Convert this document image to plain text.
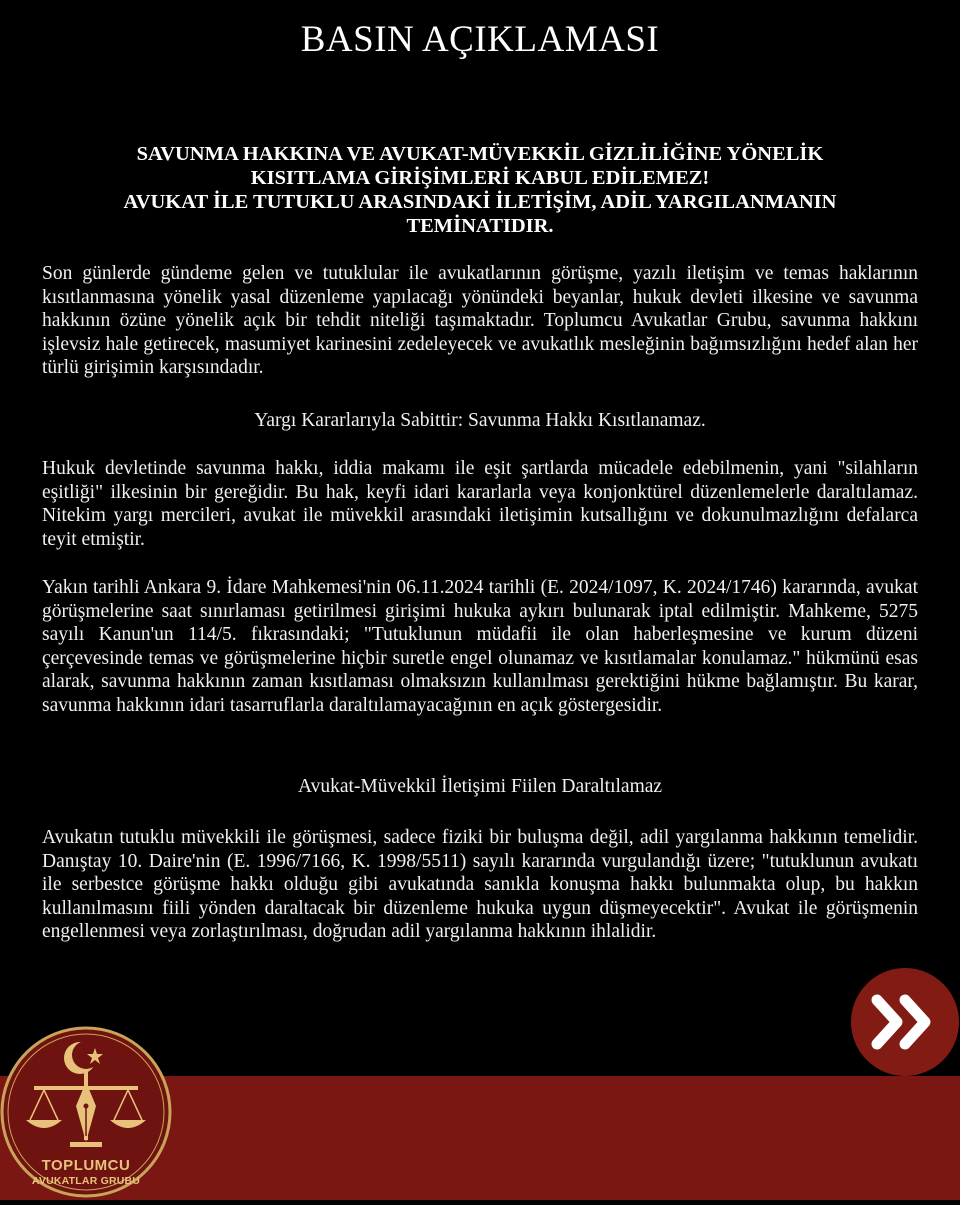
BASIN AÇIKLAMASI
SAVUNMA HAKKINA VE AVUKAT-MÜVEKKİL GİZLİLİĞİNE YÖNELİK
KISITLAMA GİRİŞİMLERİ KABUL EDİLEMEZ!
AVUKAT İLE TUTUKLU ARASINDAKİ İLETİŞİM, ADİL YARGILANMANIN
TEMİNATIDIR.

Son günlerde gündeme gelen ve tutuklular ile avukatlarının görüşme, yazılı iletişim ve temas haklarının kısıtlanmasına yönelik yasal düzenleme yapılacağı yönündeki beyanlar, hukuk devleti ilkesine ve savunma hakkının özüne yönelik açık bir tehdit niteliği taşımaktadır. Toplumcu Avukatlar Grubu, savunma hakkını işlevsiz hale getirecek, masumiyet karinesini zedeleyecek ve avukatlık mesleğinin bağımsızlığını hedef alan her türlü girişimin karşısındadır.

Yargı Kararlarıyla Sabittir: Savunma Hakkı Kısıtlanamaz.

Hukuk devletinde savunma hakkı, iddia makamı ile eşit şartlarda mücadele edebilmenin, yani "silahların eşitliği" ilkesinin bir gereğidir. Bu hak, keyfi idari kararlarla veya konjonktürel düzenlemelerle daraltılamaz. Nitekim yargı mercileri, avukat ile müvekkil arasındaki iletişimin kutsallığını ve dokunulmazlığını defalarca teyit etmiştir.

Yakın tarihli Ankara 9. İdare Mahkemesi'nin 06.11.2024 tarihli (E. 2024/1097, K. 2024/1746) kararında, avukat görüşmelerine saat sınırlaması getirilmesi girişimi hukuka aykırı bulunarak iptal edilmiştir. Mahkeme, 5275 sayılı Kanun'un 114/5. fıkrasındaki; "Tutuklunun müdafii ile olan haberleşmesine ve kurum düzeni çerçevesinde temas ve görüşmelerine hiçbir suretle engel olunamaz ve kısıtlamalar konulamaz." hükmünü esas alarak, savunma hakkının zaman kısıtlaması olmaksızın kullanılması gerektiğini hükme bağlamıştır. Bu karar, savunma hakkının idari tasarruflarla daraltılamayacağının en açık göstergesidir.

Avukat-Müvekkil İletişimi Fiilen Daraltılamaz

Avukatın tutuklu müvekkili ile görüşmesi, sadece fiziki bir buluşma değil, adil yargılanma hakkının temelidir. Danıştay 10. Daire'nin (E. 1996/7166, K. 1998/5511) sayılı kararında vurgulandığı üzere; "tutuklunun avukatı ile serbestce görüşme hakkı olduğu gibi avukatında sanıkla konuşma hakkı bulunmakta olup, bu hakkın kullanılmasını fiili yönden daraltacak bir düzenleme hukuka uygun düşmeyecektir". Avukat ile görüşmenin engellenmesi veya zorlaştırılması, doğrudan adil yargılanma hakkının ihlalidir.

TOPLUMCU

AVUKATLAR GRUBU
